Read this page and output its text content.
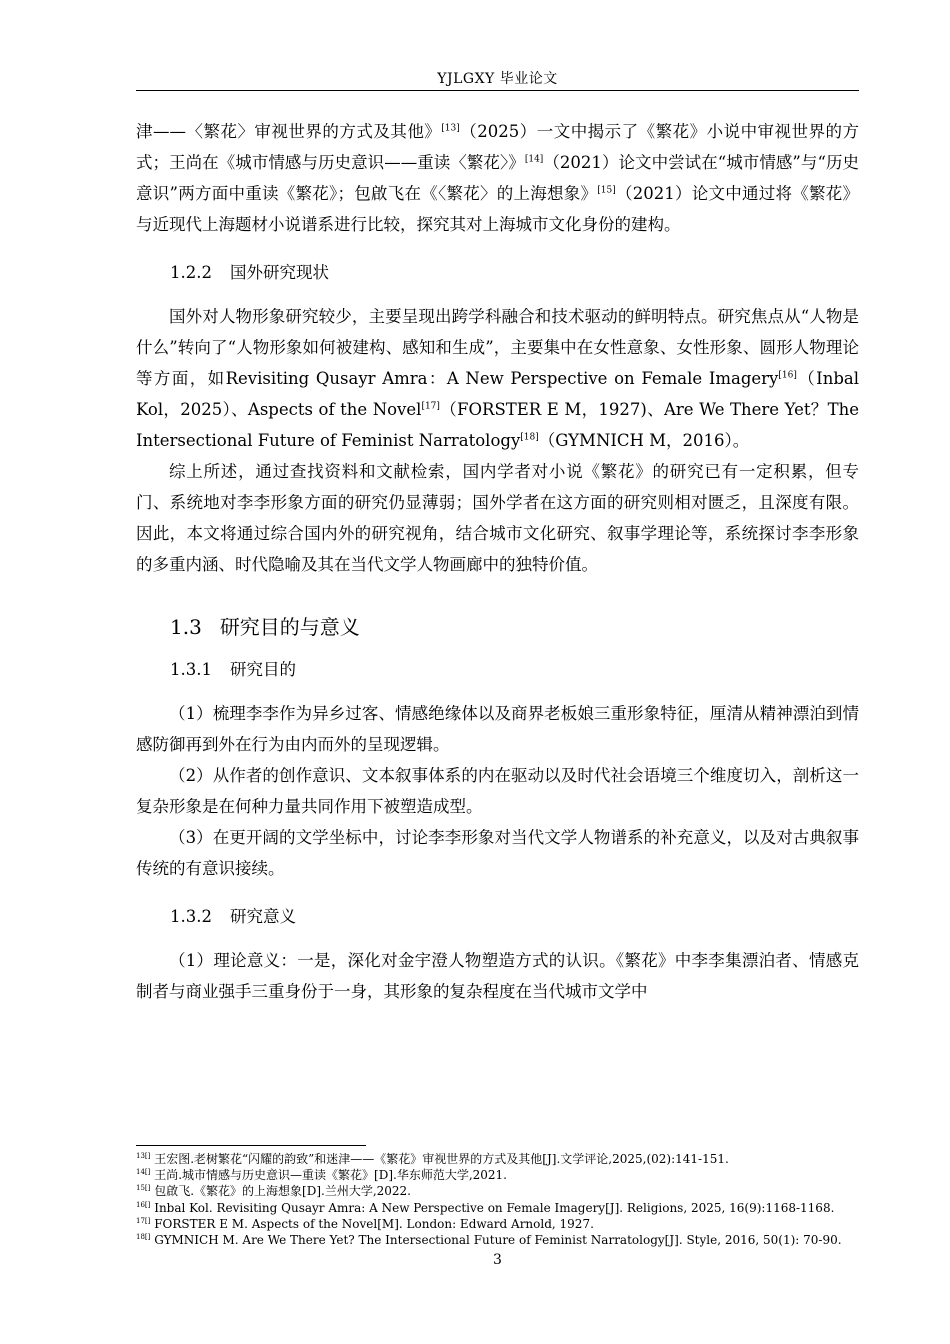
YJLGXY 毕业论文

津——〈繁花〉审视世界的方式及其他》[13]（2025）一文中揭示了《繁花》小说中审视世界的方式；王尚在《城市情感与历史意识——重读〈繁花〉》[14]（2021）论文中尝试在“城市情感”与“历史意识”两方面中重读《繁花》；包啟飞在《〈繁花〉的上海想象》[15]（2021）论文中通过将《繁花》与近现代上海题材小说谱系进行比较，探究其对上海城市文化身份的建构。

1.2.2 国外研究现状

国外对人物形象研究较少，主要呈现出跨学科融合和技术驱动的鲜明特点。研究焦点从“人物是什么”转向了“人物形象如何被建构、感知和生成”，主要集中在女性意象、女性形象、圆形人物理论等方面，如Revisiting Qusayr Amra：A New Perspective on Female Imagery[16]（Inbal Kol，2025）、Aspects of the Novel[17]（FORSTER E M，1927)、Are We There Yet？The Intersectional Future of Feminist Narratology[18]（GYMNICH M，2016）。

综上所述，通过查找资料和文献检索，国内学者对小说《繁花》的研究已有一定积累，但专门、系统地对李李形象方面的研究仍显薄弱；国外学者在这方面的研究则相对匮乏，且深度有限。因此，本文将通过综合国内外的研究视角，结合城市文化研究、叙事学理论等，系统探讨李李形象的多重内涵、时代隐喻及其在当代文学人物画廊中的独特价值。

1.3 研究目的与意义
1.3.1 研究目的

（1）梳理李李作为异乡过客、情感绝缘体以及商界老板娘三重形象特征，厘清从精神漂泊到情感防御再到外在行为由内而外的呈现逻辑。

（2）从作者的创作意识、文本叙事体系的内在驱动以及时代社会语境三个维度切入，剖析这一复杂形象是在何种力量共同作用下被塑造成型。

（3）在更开阔的文学坐标中，讨论李李形象对当代文学人物谱系的补充意义，以及对古典叙事传统的有意识接续。

1.3.2 研究意义

（1）理论意义：一是，深化对金宇澄人物塑造方式的认识。《繁花》中李李集漂泊者、情感克制者与商业强手三重身份于一身，其形象的复杂程度在当代城市文学中

$^{13[]}$ 王宏图.老树繁花“闪耀的韵致”和迷津——《繁花》审视世界的方式及其他[J].文学评论,2025,(02):141-151.
$^{14[]}$ 王尚.城市情感与历史意识—重读《繁花》[D].华东师范大学,2021.
$^{15[]}$ 包啟飞.《繁花》的上海想象[D].兰州大学,2022.
$^{16[]}$ Inbal Kol. Revisiting Qusayr Amra: A New Perspective on Female Imagery[J]. Religions, 2025, 16(9):1168-1168.
$^{17[]}$ FORSTER E M. Aspects of the Novel[M]. London: Edward Arnold, 1927.
$^{18[]}$ GYMNICH M. Are We There Yet? The Intersectional Future of Feminist Narratology[J]. Style, 2016, 50(1): 70-90.
3
